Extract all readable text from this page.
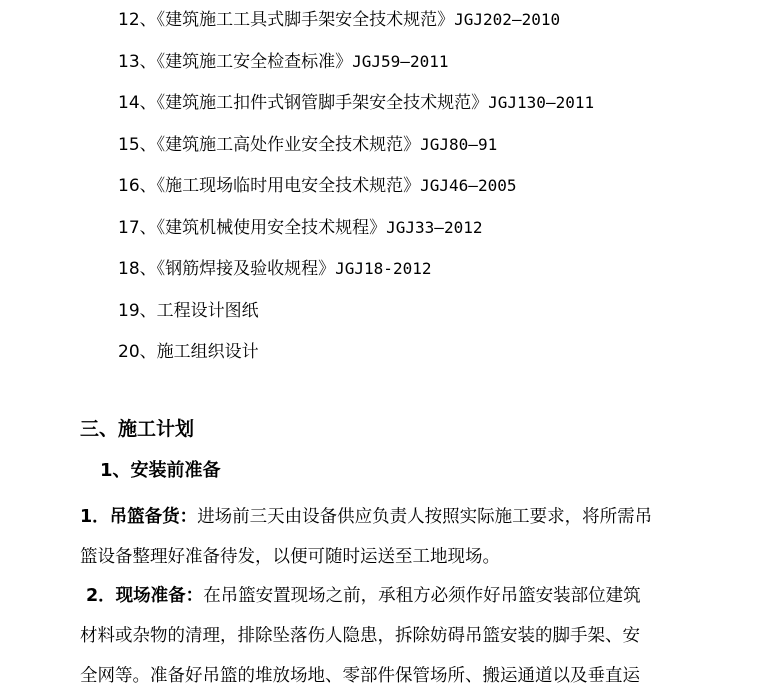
12、《建筑施工工具式脚手架安全技术规范》JGJ202—2010
13、《建筑施工安全检查标准》JGJ59—2011
14、《建筑施工扣件式钢管脚手架安全技术规范》JGJ130—2011
15、《建筑施工高处作业安全技术规范》JGJ80—91
16、《施工现场临时用电安全技术规范》JGJ46—2005
17、《建筑机械使用安全技术规程》JGJ33—2012
18、《钢筋焊接及验收规程》JGJ18-2012
19、工程设计图纸
20、施工组织设计
三、施工计划
1、安装前准备
1．吊篮备货：进场前三天由设备供应负责人按照实际施工要求，将所需吊
篮设备整理好准备待发，以便可随时运送至工地现场。
2．现场准备：在吊篮安置现场之前，承租方必须作好吊篮安装部位建筑
材料或杂物的清理，排除坠落伤人隐患，拆除妨碍吊篮安装的脚手架、安
全网等。准备好吊篮的堆放场地、零部件保管场所、搬运通道以及垂直运
